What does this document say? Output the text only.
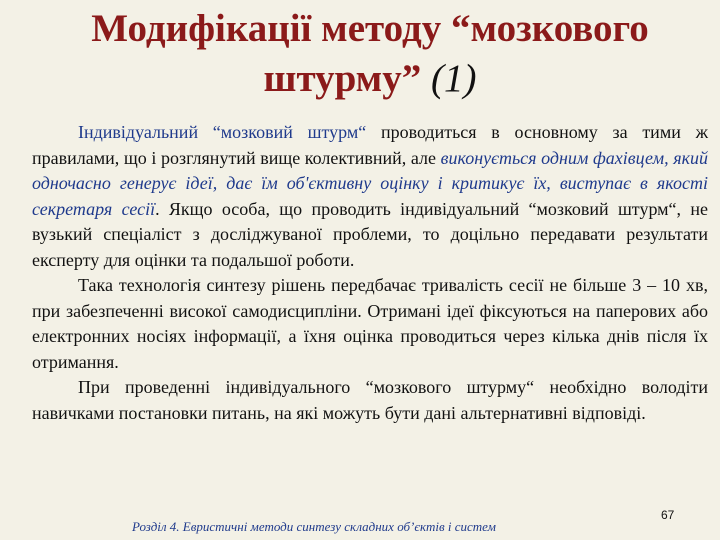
Модифікації методу “мозкового
штурму” (1)

Індивідуальний “мозковий штурм“ проводиться в основному за тими ж правилами, що і розглянутий вище колективний, але виконується одним фахівцем, який одночасно генерує ідеї, дає їм об'єктивну оцінку і критикує їх, виступає в якості секретаря сесії. Якщо особа, що проводить індивідуальний “мозковий штурм“, не вузький спеціаліст з досліджуваної проблеми, то доцільно передавати результати експерту для оцінки та подальшої роботи.

Така технологія синтезу рішень передбачає тривалість сесії не більше 3 – 10 хв, при забезпеченні високої самодисципліни. Отримані ідеї фіксуються на паперових або електронних носіях інформації, а їхня оцінка проводиться через кілька днів після їх отримання.

При проведенні індивідуального “мозкового штурму“ необхідно володіти навичками постановки питань, на які можуть бути дані альтернативні відповіді.

Розділ 4. Евристичні методи синтезу складних об’єктів і систем
67
